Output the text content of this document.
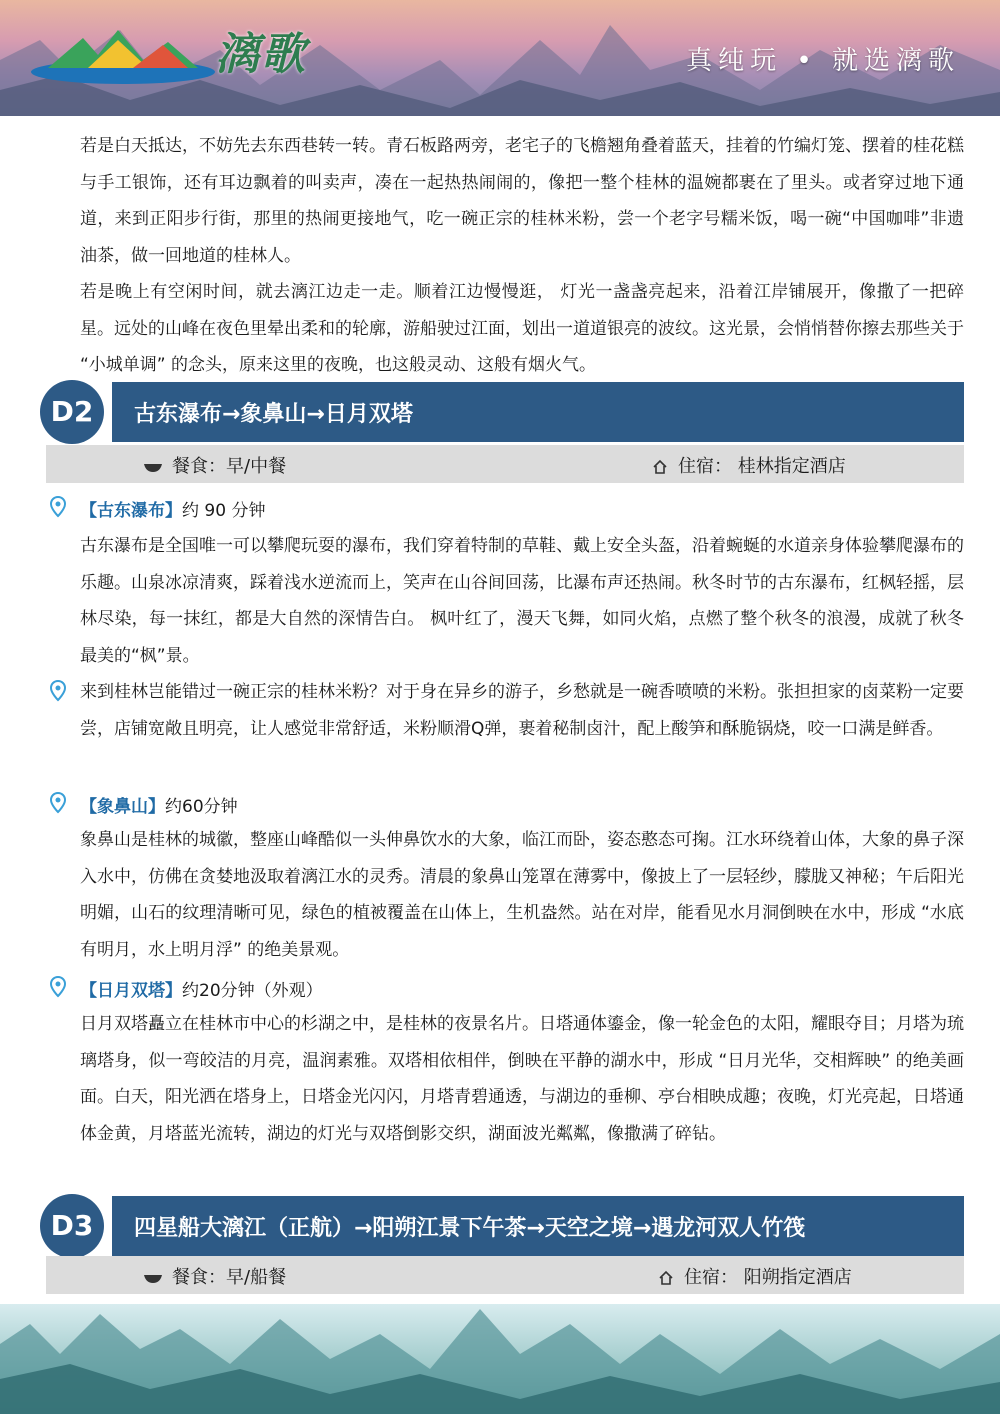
漓歌	真纯玩 • 就选漓歌

若是白天抵达，不妨先去东西巷转一转。青石板路两旁，老宅子的飞檐翘角叠着蓝天，挂着的竹编灯笼、摆着的桂花糕与手工银饰，还有耳边飘着的叫卖声，凑在一起热热闹闹的，像把一整个桂林的温婉都裹在了里头。或者穿过地下通道，来到正阳步行街，那里的热闹更接地气，吃一碗正宗的桂林米粉，尝一个老字号糯米饭，喝一碗“中国咖啡”非遗油茶，做一回地道的桂林人。

若是晚上有空闲时间，就去漓江边走一走。顺着江边慢慢逛， 灯光一盏盏亮起来，沿着江岸铺展开，像撒了一把碎星。远处的山峰在夜色里晕出柔和的轮廓，游船驶过江面，划出一道道银亮的波纹。这光景，会悄悄替你擦去那些关于 “小城单调” 的念头，原来这里的夜晚，也这般灵动、这般有烟火气。

古东瀑布→象鼻山→日月双塔
D2
餐食：早/中餐	住宿： 桂林指定酒店
【古东瀑布】约 90 分钟

古东瀑布是全国唯一可以攀爬玩耍的瀑布，我们穿着特制的草鞋、戴上安全头盔，沿着蜿蜒的水道亲身体验攀爬瀑布的乐趣。山泉冰凉清爽，踩着浅水逆流而上，笑声在山谷间回荡，比瀑布声还热闹。秋冬时节的古东瀑布，红枫轻摇，层林尽染，每一抹红，都是大自然的深情告白。 枫叶红了，漫天飞舞，如同火焰，点燃了整个秋冬的浪漫，成就了秋冬最美的“枫”景。

来到桂林岂能错过一碗正宗的桂林米粉？对于身在异乡的游子，乡愁就是一碗香喷喷的米粉。张担担家的卤菜粉一定要尝，店铺宽敞且明亮，让人感觉非常舒适，米粉顺滑Q弹，裹着秘制卤汁，配上酸笋和酥脆锅烧，咬一口满是鲜香。

【象鼻山】约60分钟

象鼻山是桂林的城徽，整座山峰酷似一头伸鼻饮水的大象，临江而卧，姿态憨态可掬。江水环绕着山体，大象的鼻子深入水中，仿佛在贪婪地汲取着漓江水的灵秀。清晨的象鼻山笼罩在薄雾中，像披上了一层轻纱，朦胧又神秘；午后阳光明媚，山石的纹理清晰可见，绿色的植被覆盖在山体上，生机盎然。站在对岸，能看见水月洞倒映在水中，形成 “水底有明月，水上明月浮” 的绝美景观。

【日月双塔】约20分钟（外观）

日月双塔矗立在桂林市中心的杉湖之中，是桂林的夜景名片。日塔通体鎏金，像一轮金色的太阳，耀眼夺目；月塔为琉璃塔身，似一弯皎洁的月亮，温润素雅。双塔相依相伴，倒映在平静的湖水中，形成 “日月光华，交相辉映” 的绝美画面。白天，阳光洒在塔身上，日塔金光闪闪，月塔青碧通透，与湖边的垂柳、亭台相映成趣；夜晚，灯光亮起，日塔通体金黄，月塔蓝光流转，湖边的灯光与双塔倒影交织，湖面波光粼粼，像撒满了碎钻。

四星船大漓江（正航）→阳朔江景下午茶→天空之境→遇龙河双人竹筏
D3
餐食：早/船餐	住宿： 阳朔指定酒店
